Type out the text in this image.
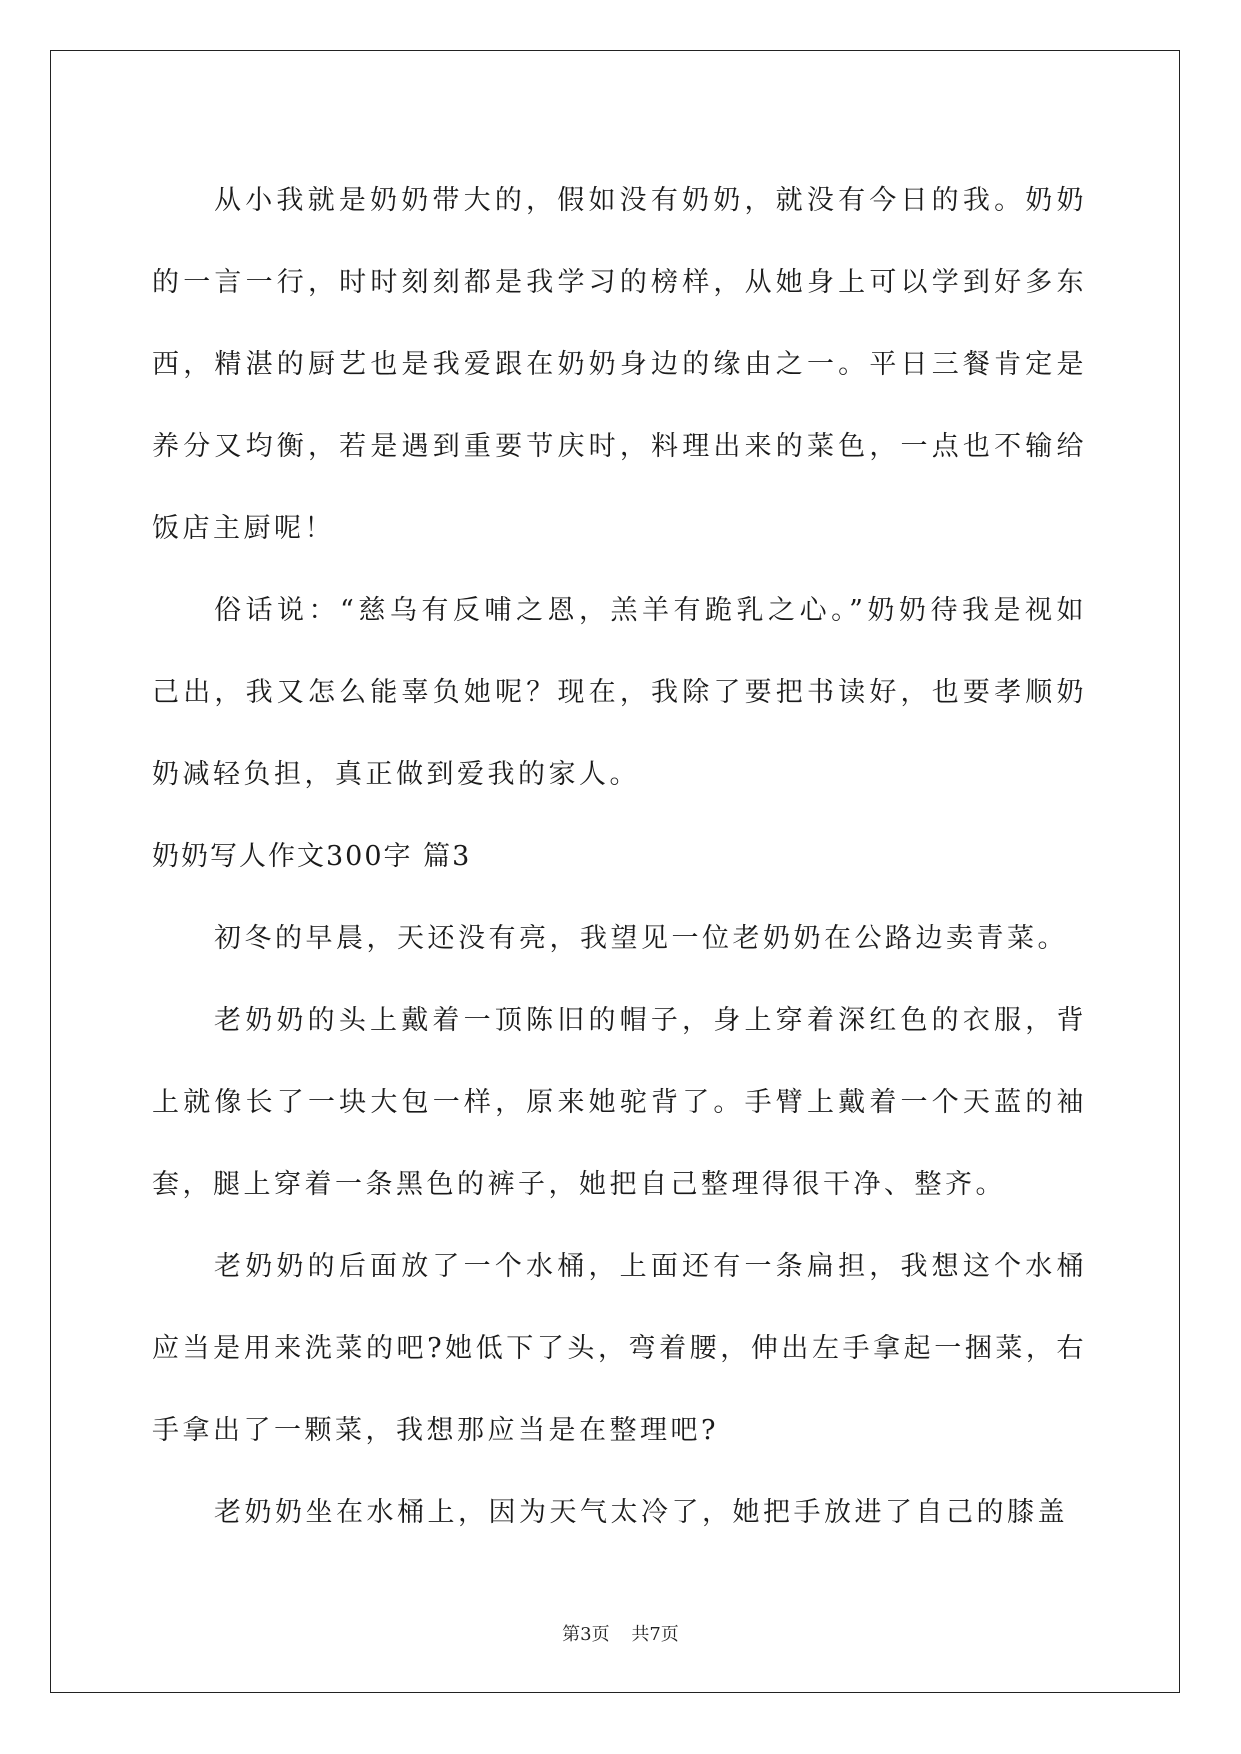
从小我就是奶奶带大的，假如没有奶奶，就没有今日的我。奶奶的一言一行，时时刻刻都是我学习的榜样，从她身上可以学到好多东西，精湛的厨艺也是我爱跟在奶奶身边的缘由之一。平日三餐肯定是养分又均衡，若是遇到重要节庆时，料理出来的菜色，一点也不输给饭店主厨呢！

俗话说：“慈乌有反哺之恩，羔羊有跪乳之心。”奶奶待我是视如己出，我又怎么能辜负她呢？现在，我除了要把书读好，也要孝顺奶奶减轻负担，真正做到爱我的家人。

奶奶写人作文300字 篇3

初冬的早晨，天还没有亮，我望见一位老奶奶在公路边卖青菜。

老奶奶的头上戴着一顶陈旧的帽子，身上穿着深红色的衣服，背上就像长了一块大包一样，原来她驼背了。手臂上戴着一个天蓝的袖套，腿上穿着一条黑色的裤子，她把自己整理得很干净、整齐。

老奶奶的后面放了一个水桶，上面还有一条扁担，我想这个水桶应当是用来洗菜的吧?她低下了头，弯着腰，伸出左手拿起一捆菜，右手拿出了一颗菜，我想那应当是在整理吧?

老奶奶坐在水桶上，因为天气太冷了，她把手放进了自己的膝盖

第3页 共7页
